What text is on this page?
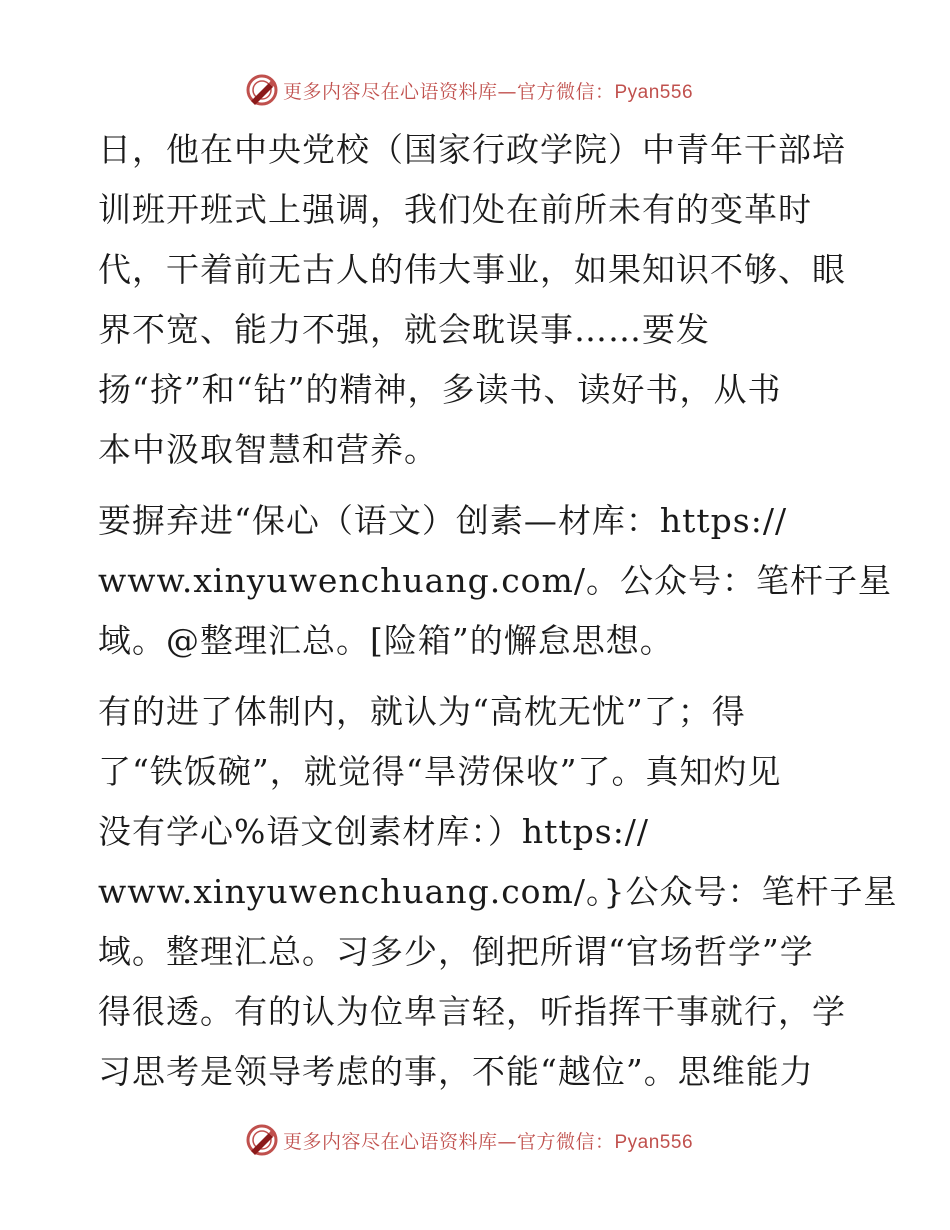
更多内容尽在心语资料库—官方微信：Pyan556
日，他在中央党校（国家行政学院）中青年干部培
训班开班式上强调，我们处在前所未有的变革时
代，干着前无古人的伟大事业，如果知识不够、眼
界不宽、能力不强，就会耽误事……要发
扬“挤”和“钻”的精神，多读书、读好书，从书
本中汲取智慧和营养。
要摒弃进“保心（语文）创素—材库：https://
www.xinyuwenchuang.com/。公众号：笔杆子星
域。@整理汇总。[险箱”的懈怠思想。
有的进了体制内，就认为“高枕无忧”了；得
了“铁饭碗”，就觉得“旱涝保收”了。真知灼见
没有学心%语文创素材库：）https://
www.xinyuwenchuang.com/。}公众号：笔杆子星
域。整理汇总。习多少，倒把所谓“官场哲学”学
得很透。有的认为位卑言轻，听指挥干事就行，学
习思考是领导考虑的事，不能“越位”。思维能力
更多内容尽在心语资料库—官方微信：Pyan556
